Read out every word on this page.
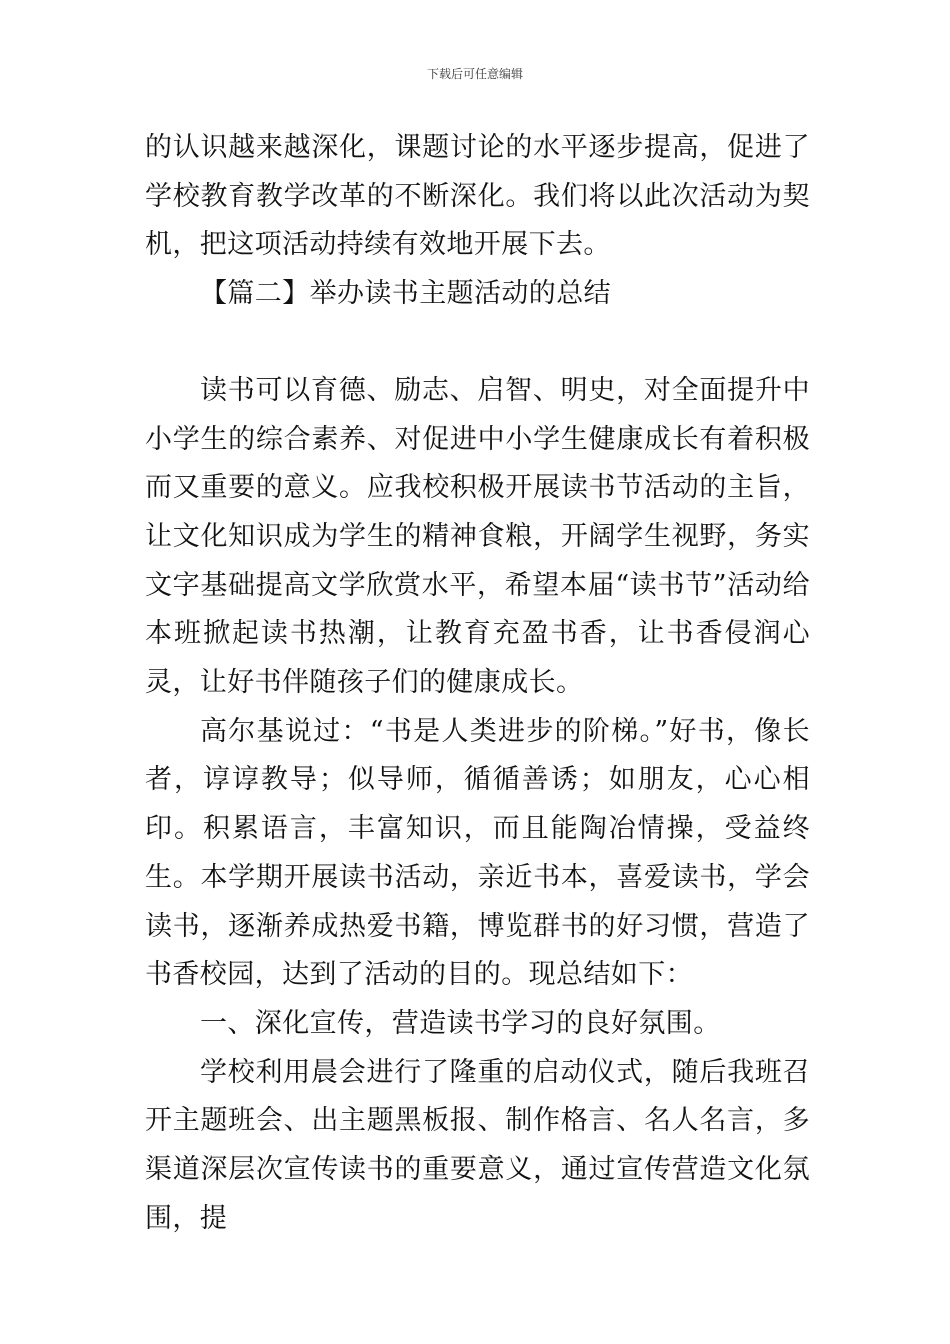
下载后可任意编辑

的认识越来越深化，课题讨论的水平逐步提高，促进了学校教育教学改革的不断深化。我们将以此次活动为契机，把这项活动持续有效地开展下去。

【篇二】举办读书主题活动的总结

读书可以育德、励志、启智、明史，对全面提升中小学生的综合素养、对促进中小学生健康成长有着积极而又重要的意义。应我校积极开展读书节活动的主旨，让文化知识成为学生的精神食粮，开阔学生视野，务实文字基础提高文学欣赏水平，希望本届“读书节”活动给本班掀起读书热潮，让教育充盈书香，让书香侵润心灵，让好书伴随孩子们的健康成长。

高尔基说过：“书是人类进步的阶梯。”好书，像长者，谆谆教导；似导师，循循善诱；如朋友，心心相印。积累语言，丰富知识，而且能陶冶情操，受益终生。本学期开展读书活动，亲近书本，喜爱读书，学会读书，逐渐养成热爱书籍，博览群书的好习惯，营造了书香校园，达到了活动的目的。现总结如下：

一、深化宣传，营造读书学习的良好氛围。

学校利用晨会进行了隆重的启动仪式，随后我班召开主题班会、出主题黑板报、制作格言、名人名言，多渠道深层次宣传读书的重要意义，通过宣传营造文化氛围，提
